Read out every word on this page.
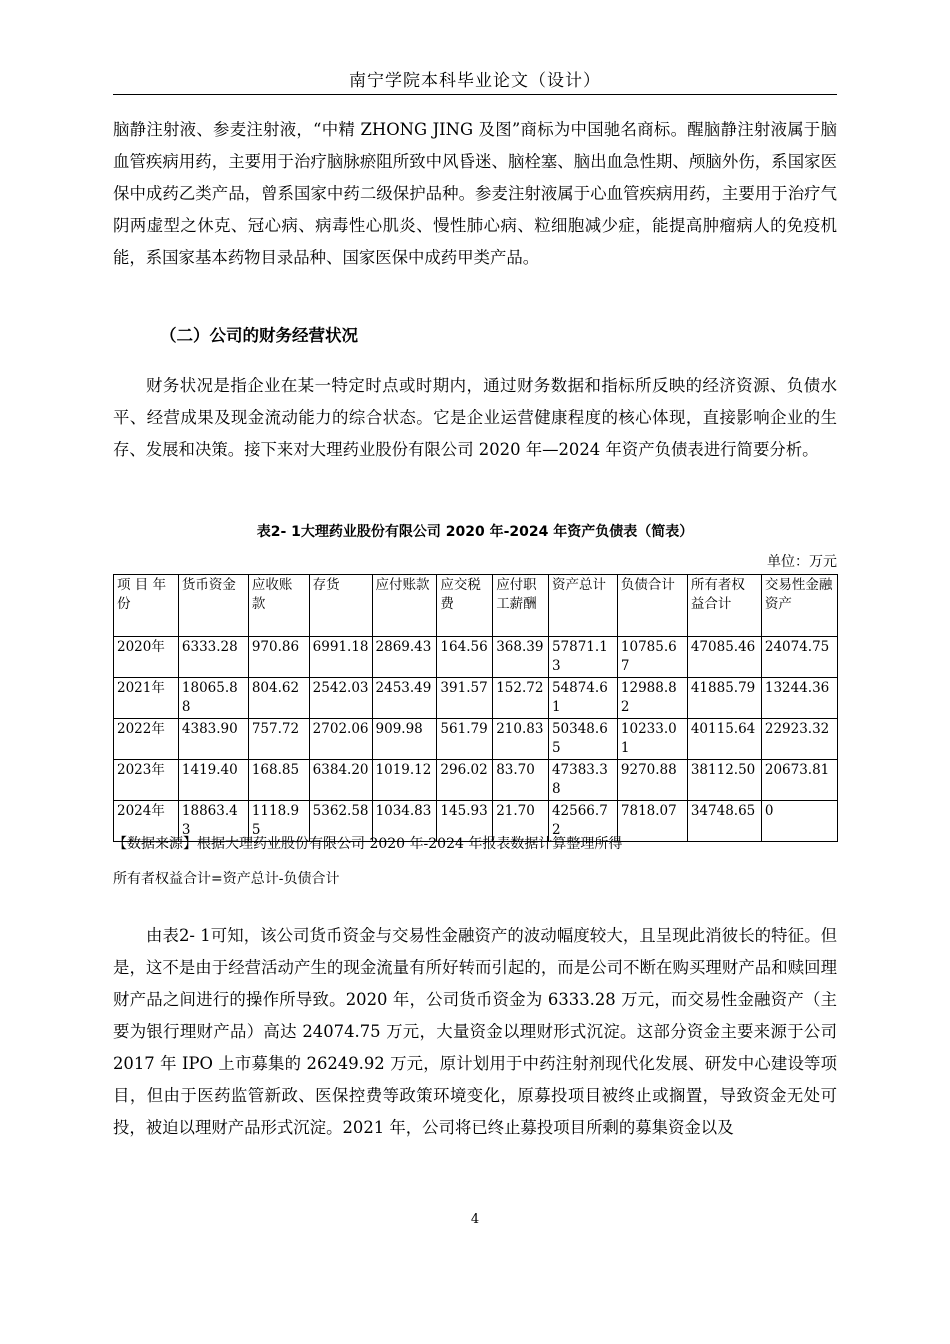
南宁学院本科毕业论文（设计）

脑静注射液、参麦注射液，“中精 ZHONG JING 及图”商标为中国驰名商标。醒脑静注射液属于脑血管疾病用药，主要用于治疗脑脉瘀阻所致中风昏迷、脑栓塞、脑出血急性期、颅脑外伤，系国家医保中成药乙类产品，曾系国家中药二级保护品种。参麦注射液属于心血管疾病用药，主要用于治疗气阴两虚型之休克、冠心病、病毒性心肌炎、慢性肺心病、粒细胞减少症，能提高肿瘤病人的免疫机能，系国家基本药物目录品种、国家医保中成药甲类产品。

（二）公司的财务经营状况

财务状况是指企业在某一特定时点或时期内，通过财务数据和指标所反映的经济资源、负债水平、经营成果及现金流动能力的综合状态。它是企业运营健康程度的核心体现，直接影响企业的生存、发展和决策。接下来对大理药业股份有限公司 2020 年—2024 年资产负债表进行简要分析。

表2- 1大理药业股份有限公司 2020 年-2024 年资产负债表（简表）
单位：万元
项 目 年 份	货币资金	应收账款	存货	应付账款	应交税费	应付职工薪酬	资产总计	负债合计	所有者权益合计	交易性金融资产
2020年	6333.28	970.86	6991.18	2869.43	164.56	368.39	57871.13	10785.67	47085.46	24074.75
2021年	18065.88	804.62	2542.03	2453.49	391.57	152.72	54874.61	12988.82	41885.79	13244.36
2022年	4383.90	757.72	2702.06	909.98	561.79	210.83	50348.65	10233.01	40115.64	22923.32
2023年	1419.40	168.85	6384.20	1019.12	296.02	83.70	47383.38	9270.88	38112.50	20673.81
2024年	18863.43	1118.95	5362.58	1034.83	145.93	21.70	42566.72	7818.07	34748.65	0
【数据来源】根据大理药业股份有限公司 2020 年-2024 年报表数据计算整理所得
所有者权益合计=资产总计-负债合计

由表2- 1可知，该公司货币资金与交易性金融资产的波动幅度较大，且呈现此消彼长的特征。但是，这不是由于经营活动产生的现金流量有所好转而引起的，而是公司不断在购买理财产品和赎回理财产品之间进行的操作所导致。2020 年，公司货币资金为 6333.28 万元，而交易性金融资产（主要为银行理财产品）高达 24074.75 万元，大量资金以理财形式沉淀。这部分资金主要来源于公司 2017 年 IPO 上市募集的 26249.92 万元，原计划用于中药注射剂现代化发展、研发中心建设等项目，但由于医药监管新政、医保控费等政策环境变化，原募投项目被终止或搁置，导致资金无处可投，被迫以理财产品形式沉淀。2021 年，公司将已终止募投项目所剩的募集资金以及

4
